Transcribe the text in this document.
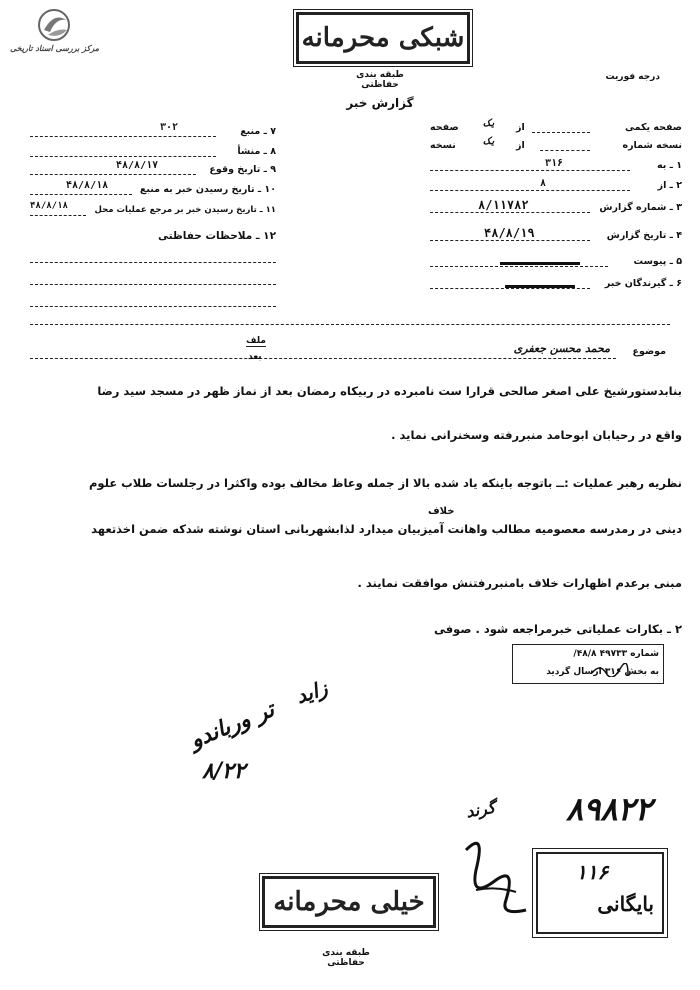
مرکز بررسی اسناد تاریخی	شبکی محرمانه
طبقه بندی حفاظتی
گزارش خبر
درجه فوریت
صفحه یکمی
از
یک
صفحه
نسخه شماره
از
یک
نسخه
۱ ـ به
۳۱۶
۲ ـ از
۸
۳ ـ شماره گزارش
۸/۱۱۷۸۲
۴ ـ تاریخ گزارش
۴۸/۸/۱۹
۵ ـ پیوست
۶ ـ گیرندگان خبر
۷ ـ منبع
۳۰۲
۸ ـ منشأ
۹ ـ تاریخ وقوع
۴۸/۸/۱۷
۱۰ ـ تاریخ رسیدن خبر به منبع
۴۸/۸/۱۸
۱۱ ـ تاریخ رسیدن خبر بر مرجع عملیات محل
۴۸/۸/۱۸
۱۲ ـ ملاحظات حفاظتی
موضوع
محمد محسن جعفری
ملف
بعد
بنابدستورشیخ علی اصغر صالحی قرارا ست نامبرده در ربیکاه رمضان بعد از نماز ظهر در مسجد سید رضا
واقع در رحیابان ابوحامد منبررفته وسخنرانی نماید .
نظریه رهبر عملیات :ــ باتوجه باینکه یاد شده بالا از جمله وعاظ مخالف بوده واکثرا در رجلسات طلاب علوم
خلاف
دینی در رمدرسه معصومیه مطالب واهانت آمیزبیان میدارد لذابشهربانی استان نوشته شدکه ضمن اخذتعهد
مبنی برعدم اظهارات خلاف بامنبررفتنش موافقت نمایند .
۲ ـ بکارات عملیاتی خبرمراجعه شود . صوفی
شماره ۴۹۷۳۳ ۴۸/۸/
به بخش ۳۱۶ ارسال گردید
زاید
تر ورباندو
۸/۲۲
۸۹۸۲۲
گرند
۱۱۶
بایگانی
خیلی محرمانه
طبقه بندی حفاظتی
